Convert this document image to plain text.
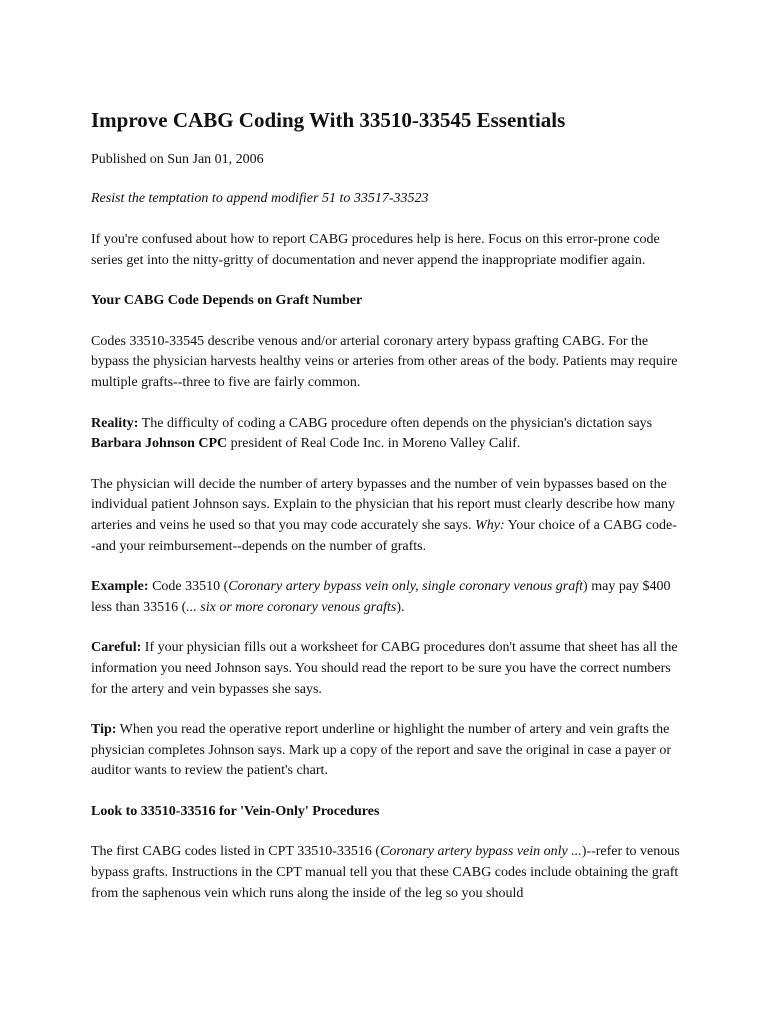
Improve CABG Coding With 33510-33545 Essentials

Published on Sun Jan 01, 2006

Resist the temptation to append modifier 51 to 33517-33523

If you're confused about how to report CABG procedures help is here. Focus on this error-prone code series get into the nitty-gritty of documentation and never append the inappropriate modifier again.

Your CABG Code Depends on Graft Number

Codes 33510-33545 describe venous and/or arterial coronary artery bypass grafting CABG. For the bypass the physician harvests healthy veins or arteries from other areas of the body. Patients may require multiple grafts--three to five are fairly common.

Reality: The difficulty of coding a CABG procedure often depends on the physician's dictation says Barbara Johnson CPC president of Real Code Inc. in Moreno Valley Calif.

The physician will decide the number of artery bypasses and the number of vein bypasses based on the individual patient Johnson says. Explain to the physician that his report must clearly describe how many arteries and veins he used so that you may code accurately she says. Why: Your choice of a CABG code--and your reimbursement--depends on the number of grafts.

Example: Code 33510 (Coronary artery bypass vein only, single coronary venous graft) may pay $400 less than 33516 (... six or more coronary venous grafts).

Careful: If your physician fills out a worksheet for CABG procedures don't assume that sheet has all the information you need Johnson says. You should read the report to be sure you have the correct numbers for the artery and vein bypasses she says.

Tip: When you read the operative report underline or highlight the number of artery and vein grafts the physician completes Johnson says. Mark up a copy of the report and save the original in case a payer or auditor wants to review the patient's chart.

Look to 33510-33516 for 'Vein-Only' Procedures

The first CABG codes listed in CPT 33510-33516 (Coronary artery bypass vein only ...)--refer to venous bypass grafts. Instructions in the CPT manual tell you that these CABG codes include obtaining the graft from the saphenous vein which runs along the inside of the leg so you should
